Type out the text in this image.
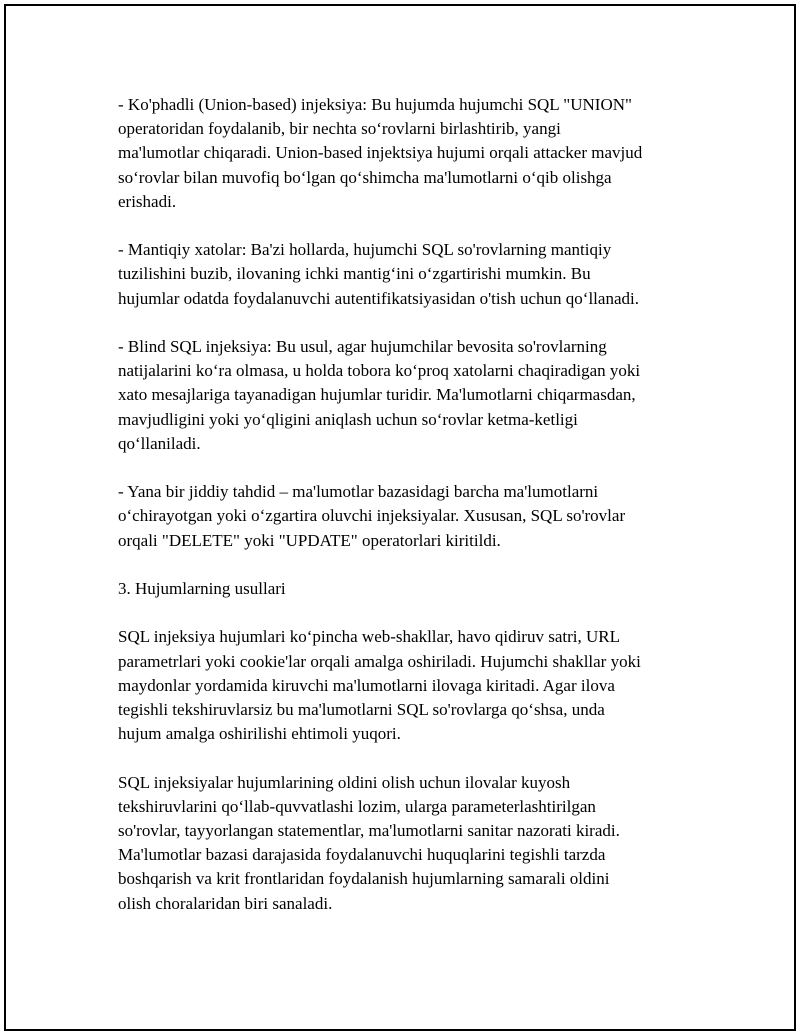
- Ko'phadli (Union-based) injeksiya: Bu hujumda hujumchi SQL "UNION"
operatoridan foydalanib, bir nechta so‘rovlarni birlashtirib, yangi
ma'lumotlar chiqaradi. Union-based injektsiya hujumi orqali attacker mavjud
so‘rovlar bilan muvofiq bo‘lgan qo‘shimcha ma'lumotlarni o‘qib olishga
erishadi.

- Mantiqiy xatolar: Ba'zi hollarda, hujumchi SQL so'rovlarning mantiqiy
tuzilishini buzib, ilovaning ichki mantig‘ini o‘zgartirishi mumkin. Bu
hujumlar odatda foydalanuvchi autentifikatsiyasidan o'tish uchun qo‘llanadi.

- Blind SQL injeksiya: Bu usul, agar hujumchilar bevosita so'rovlarning
natijalarini ko‘ra olmasa, u holda tobora ko‘proq xatolarni chaqiradigan yoki
xato mesajlariga tayanadigan hujumlar turidir. Ma'lumotlarni chiqarmasdan,
mavjudligini yoki yo‘qligini aniqlash uchun so‘rovlar ketma-ketligi
qo‘llaniladi.

- Yana bir jiddiy tahdid – ma'lumotlar bazasidagi barcha ma'lumotlarni
o‘chirayotgan yoki o‘zgartira oluvchi injeksiyalar. Xususan, SQL so'rovlar
orqali "DELETE" yoki "UPDATE" operatorlari kiritildi.

3. Hujumlarning usullari

SQL injeksiya hujumlari ko‘pincha web-shakllar, havo qidiruv satri, URL
parametrlari yoki cookie'lar orqali amalga oshiriladi. Hujumchi shakllar yoki
maydonlar yordamida kiruvchi ma'lumotlarni ilovaga kiritadi. Agar ilova
tegishli tekshiruvlarsiz bu ma'lumotlarni SQL so'rovlarga qo‘shsa, unda
hujum amalga oshirilishi ehtimoli yuqori.

SQL injeksiyalar hujumlarining oldini olish uchun ilovalar kuyosh
tekshiruvlarini qo‘llab-quvvatlashi lozim, ularga parameterlashtirilgan
so'rovlar, tayyorlangan statementlar, ma'lumotlarni sanitar nazorati kiradi.
Ma'lumotlar bazasi darajasida foydalanuvchi huquqlarini tegishli tarzda
boshqarish va krit frontlaridan foydalanish hujumlarning samarali oldini
olish choralaridan biri sanaladi.
